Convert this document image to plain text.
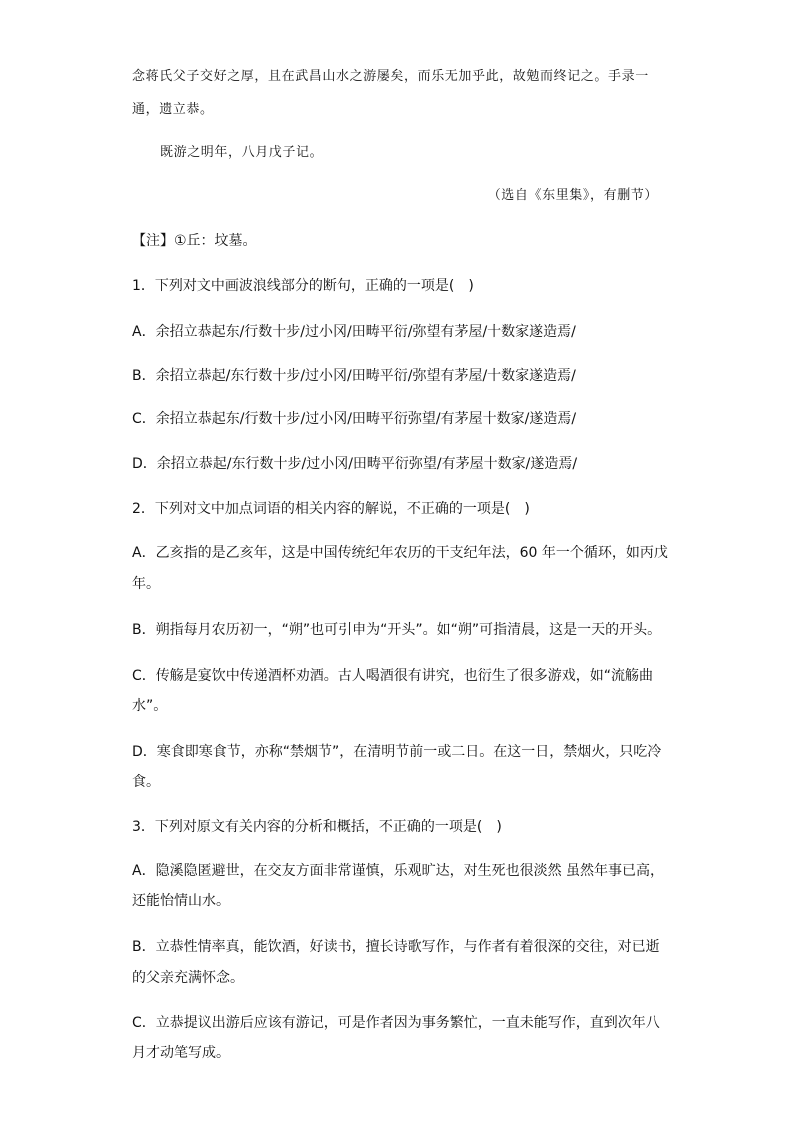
念蒋氏父子交好之厚，且在武昌山水之游屡矣，而乐无加乎此，故勉而终记之。手录一
通，遗立恭。
既游之明年，八月戊子记。
（选自《东里集》，有删节）
【注】①丘：坟墓。
1．下列对文中画波浪线部分的断句，正确的一项是(　)
A．余招立恭起东/行数十步/过小冈/田畴平衍/弥望有茅屋/十数家遂造焉/
B．余招立恭起/东行数十步/过小冈/田畴平衍/弥望有茅屋/十数家遂造焉/
C．余招立恭起东/行数十步/过小冈/田畴平衍弥望/有茅屋十数家/遂造焉/
D．余招立恭起/东行数十步/过小冈/田畴平衍弥望/有茅屋十数家/遂造焉/
2．下列对文中加点词语的相关内容的解说，不正确的一项是(　)
A．乙亥指的是乙亥年，这是中国传统纪年农历的干支纪年法，60 年一个循环，如丙戊
年。
B．朔指每月农历初一，“朔”也可引申为“开头”。如“朔”可指清晨，这是一天的开头。
C．传觞是宴饮中传递酒杯劝酒。古人喝酒很有讲究，也衍生了很多游戏，如“流觞曲
水”。
D．寒食即寒食节，亦称“禁烟节”，在清明节前一或二日。在这一日，禁烟火，只吃冷
食。
3．下列对原文有关内容的分析和概括，不正确的一项是(　)
A．隐溪隐匿避世，在交友方面非常谨慎，乐观旷达，对生死也很淡然 虽然年事已高，
还能怡情山水。
B．立恭性情率真，能饮酒，好读书，擅长诗歌写作，与作者有着很深的交往，对已逝
的父亲充满怀念。
C．立恭提议出游后应该有游记，可是作者因为事务繁忙，一直未能写作，直到次年八
月才动笔写成。
